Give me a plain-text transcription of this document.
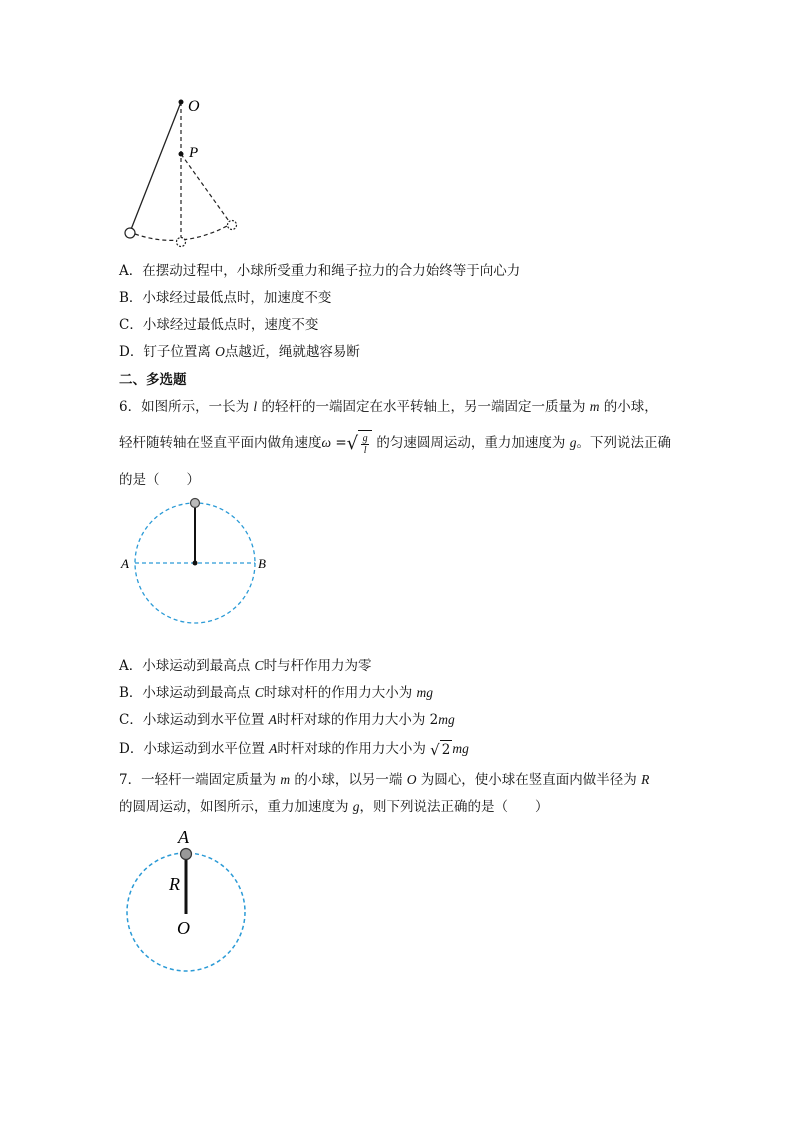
O
P
A．在摆动过程中，小球所受重力和绳子拉力的合力始终等于向心力
B．小球经过最低点时，加速度不变
C．小球经过最低点时，速度不变
D．钉子位置离 O点越近，绳就越容易断
二、多选题
6．如图所示，一长为 l 的轻杆的一端固定在水平转轴上，另一端固定一质量为 m 的小球，
轻杆随转轴在竖直平面内做角速度ω = √ $\frac{g}{l}$ 的匀速圆周运动，重力加速度为 g。下列说法正确
的是（　　）
A	B
A．小球运动到最高点 C时与杆作用力为零
B．小球运动到最高点 C时球对杆的作用力大小为 mg
C．小球运动到水平位置 A时杆对球的作用力大小为 2mg
D．小球运动到水平位置 A时杆对球的作用力大小为 √ 2 mg
7．一轻杆一端固定质量为 m 的小球，以另一端 O 为圆心，使小球在竖直面内做半径为 R
的圆周运动，如图所示，重力加速度为 g，则下列说法正确的是（　　）
A
R
O
